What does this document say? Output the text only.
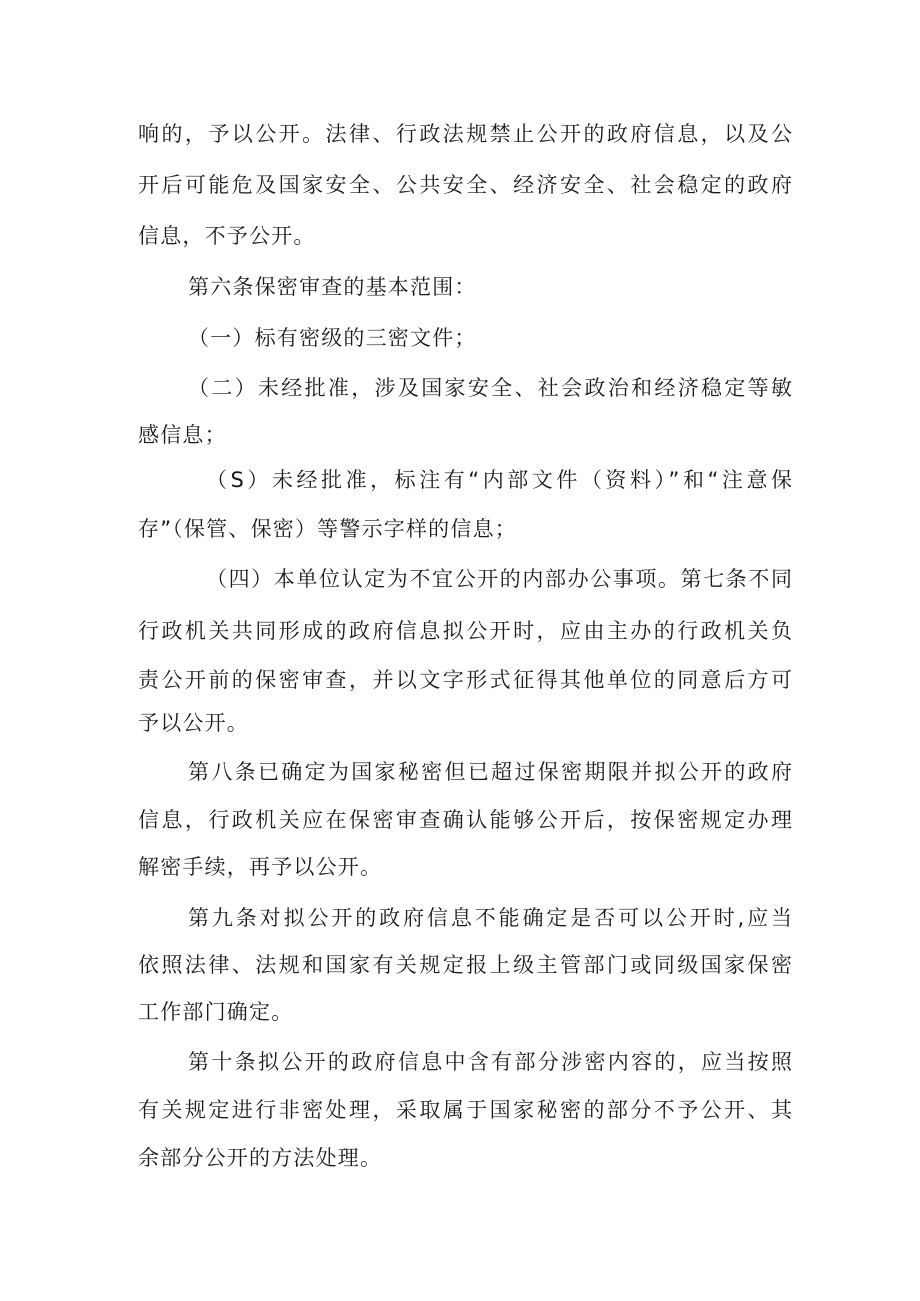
响的，予以公开。法律、行政法规禁止公开的政府信息，以及公
开后可能危及国家安全、公共安全、经济安全、社会稳定的政府
信息，不予公开。
第六条保密审查的基本范围：
（一）标有密级的三密文件；
（二）未经批准，涉及国家安全、社会政治和经济稳定等敏
感信息；
（S）未经批准，标注有“内部文件（资料）”和“注意保
存”（保管、保密）等警示字样的信息；
（四）本单位认定为不宜公开的内部办公事项。第七条不同
行政机关共同形成的政府信息拟公开时，应由主办的行政机关负
责公开前的保密审查，并以文字形式征得其他单位的同意后方可
予以公开。
第八条已确定为国家秘密但已超过保密期限并拟公开的政府
信息，行政机关应在保密审查确认能够公开后，按保密规定办理
解密手续，再予以公开。
第九条对拟公开的政府信息不能确定是否可以公开时,应当
依照法律、法规和国家有关规定报上级主管部门或同级国家保密
工作部门确定。
第十条拟公开的政府信息中含有部分涉密内容的，应当按照
有关规定进行非密处理，采取属于国家秘密的部分不予公开、其
余部分公开的方法处理。
